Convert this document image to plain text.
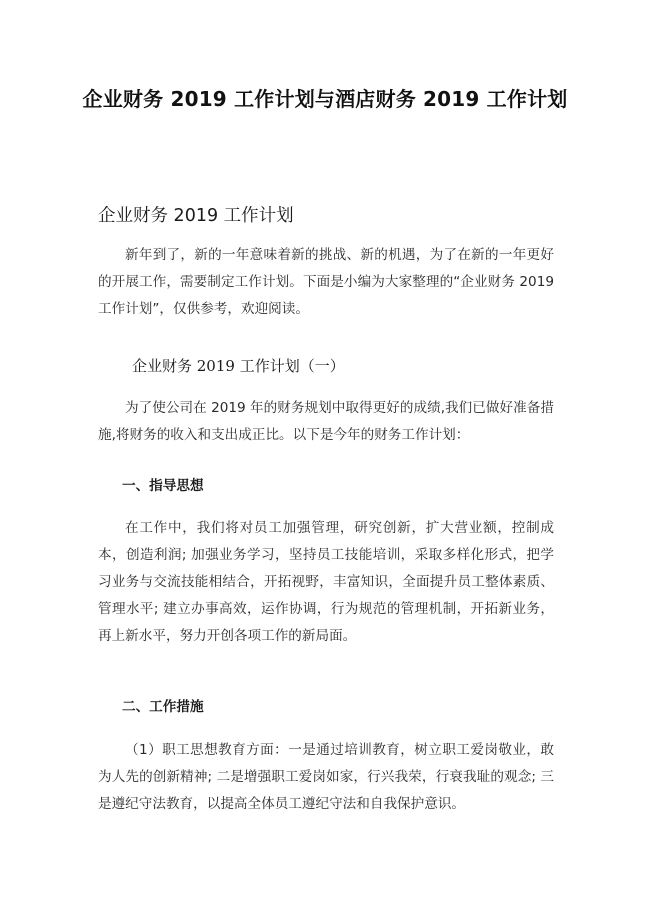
企业财务 2019 工作计划与酒店财务 2019 工作计划
企业财务 2019 工作计划
新年到了，新的一年意味着新的挑战、新的机遇，为了在新的一年更好的开展工作，需要制定工作计划。下面是小编为大家整理的“企业财务 2019 工作计划”，仅供参考，欢迎阅读。
企业财务 2019 工作计划（一）
为了使公司在 2019 年的财务规划中取得更好的成绩,我们已做好准备措施,将财务的收入和支出成正比。以下是今年的财务工作计划：
一、指导思想
在工作中，我们将对员工加强管理，研究创新，扩大营业额，控制成本，创造利润; 加强业务学习，坚持员工技能培训，采取多样化形式，把学习业务与交流技能相结合，开拓视野，丰富知识，全面提升员工整体素质、管理水平; 建立办事高效，运作协调，行为规范的管理机制，开拓新业务，再上新水平，努力开创各项工作的新局面。
二、工作措施
（1）职工思想教育方面：一是通过培训教育，树立职工爱岗敬业，敢为人先的创新精神; 二是增强职工爱岗如家，行兴我荣，行衰我耻的观念; 三是遵纪守法教育，以提高全体员工遵纪守法和自我保护意识。
